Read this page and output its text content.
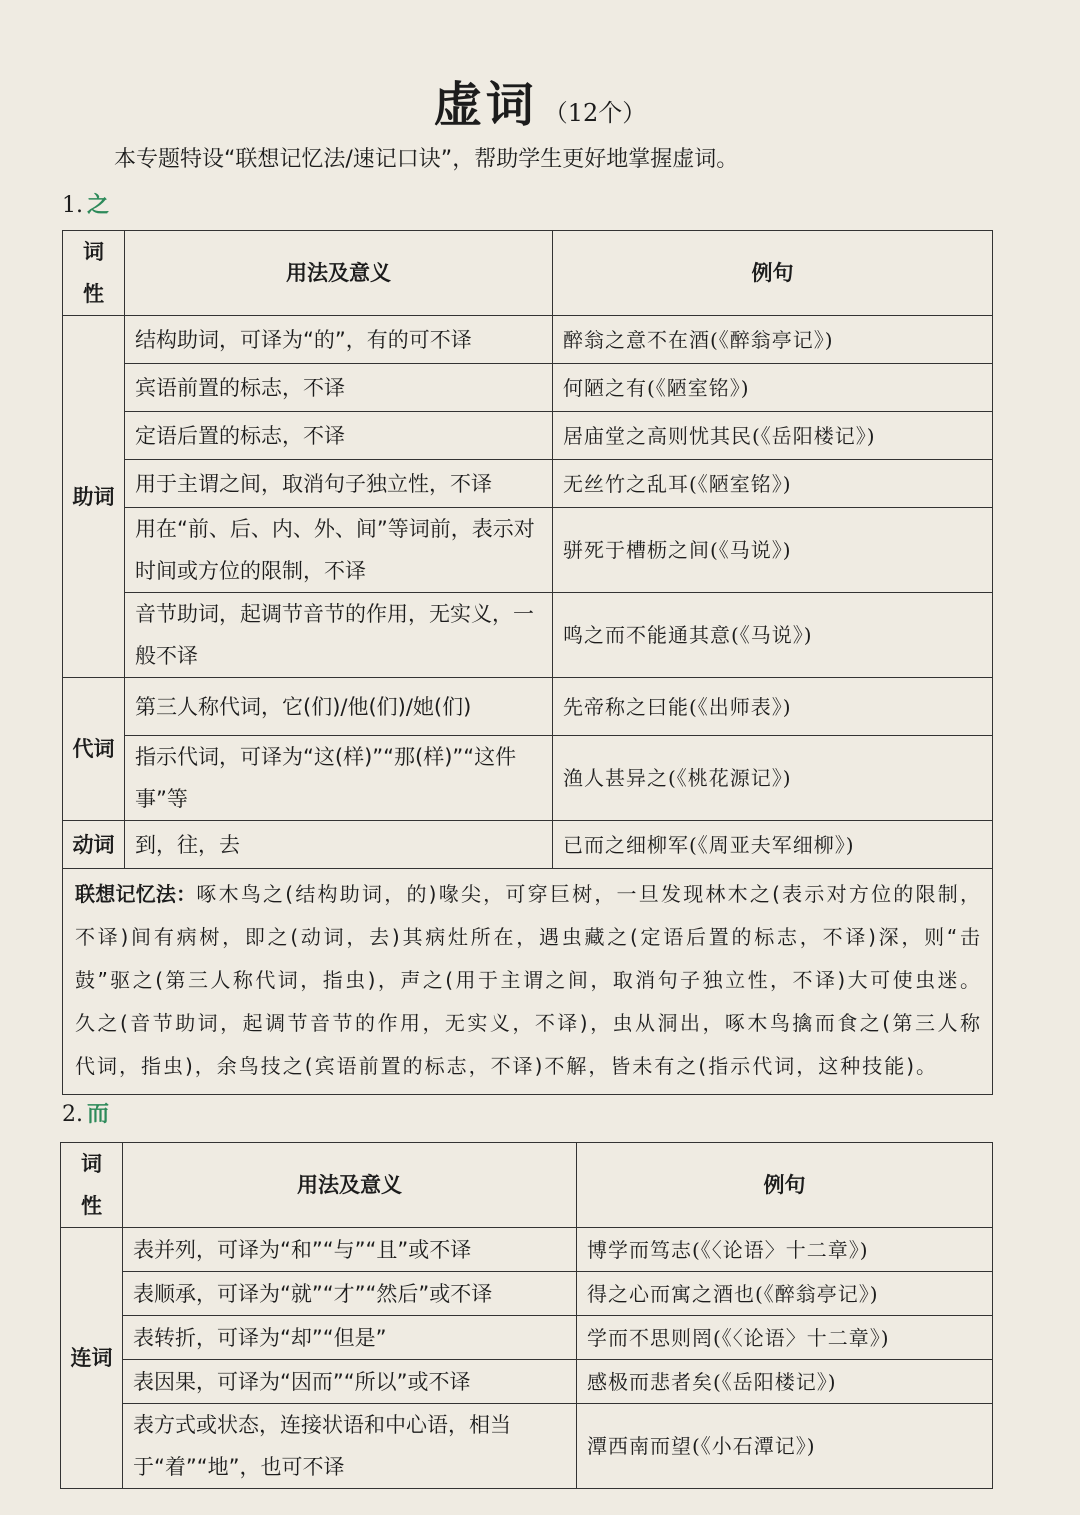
虚词 （12个）
本专题特设“联想记忆法/速记口诀”，帮助学生更好地掌握虚词。
1. 之
词性	用法及意义	例句
助词	结构助词，可译为“的”，有的可不译	醉翁之意不在酒(《醉翁亭记》)
	宾语前置的标志，不译	何陋之有(《陋室铭》)
	定语后置的标志，不译	居庙堂之高则忧其民(《岳阳楼记》)
	用于主谓之间，取消句子独立性，不译	无丝竹之乱耳(《陋室铭》)
	用在“前、后、内、外、间”等词前，表示对时间或方位的限制，不译	骈死于槽枥之间(《马说》)
	音节助词，起调节音节的作用，无实义，一般不译	鸣之而不能通其意(《马说》)
代词	第三人称代词，它(们)/他(们)/她(们)	先帝称之曰能(《出师表》)
	指示代词，可译为“这(样)”“那(样)”“这件事”等	渔人甚异之(《桃花源记》)
动词	到，往，去	已而之细柳军(《周亚夫军细柳》)
联想记忆法：啄木鸟之(结构助词，的)喙尖，可穿巨树，一旦发现林木之(表示对方位的限制，不译)间有病树，即之(动词，去)其病灶所在，遇虫藏之(定语后置的标志，不译)深，则“击鼓”驱之(第三人称代词，指虫)，声之(用于主谓之间，取消句子独立性，不译)大可使虫迷。久之(音节助词，起调节音节的作用，无实义，不译)，虫从洞出，啄木鸟擒而食之(第三人称代词，指虫)，余鸟技之(宾语前置的标志，不译)不解，皆未有之(指示代词，这种技能)。		
2. 而
词性	用法及意义	例句
连词	表并列，可译为“和”“与”“且”或不译	博学而笃志(《〈论语〉十二章》)
	表顺承，可译为“就”“才”“然后”或不译	得之心而寓之酒也(《醉翁亭记》)
	表转折，可译为“却”“但是”	学而不思则罔(《〈论语〉十二章》)
	表因果，可译为“因而”“所以”或不译	感极而悲者矣(《岳阳楼记》)
	表方式或状态，连接状语和中心语，相当于“着”“地”，也可不译	潭西南而望(《小石潭记》)
